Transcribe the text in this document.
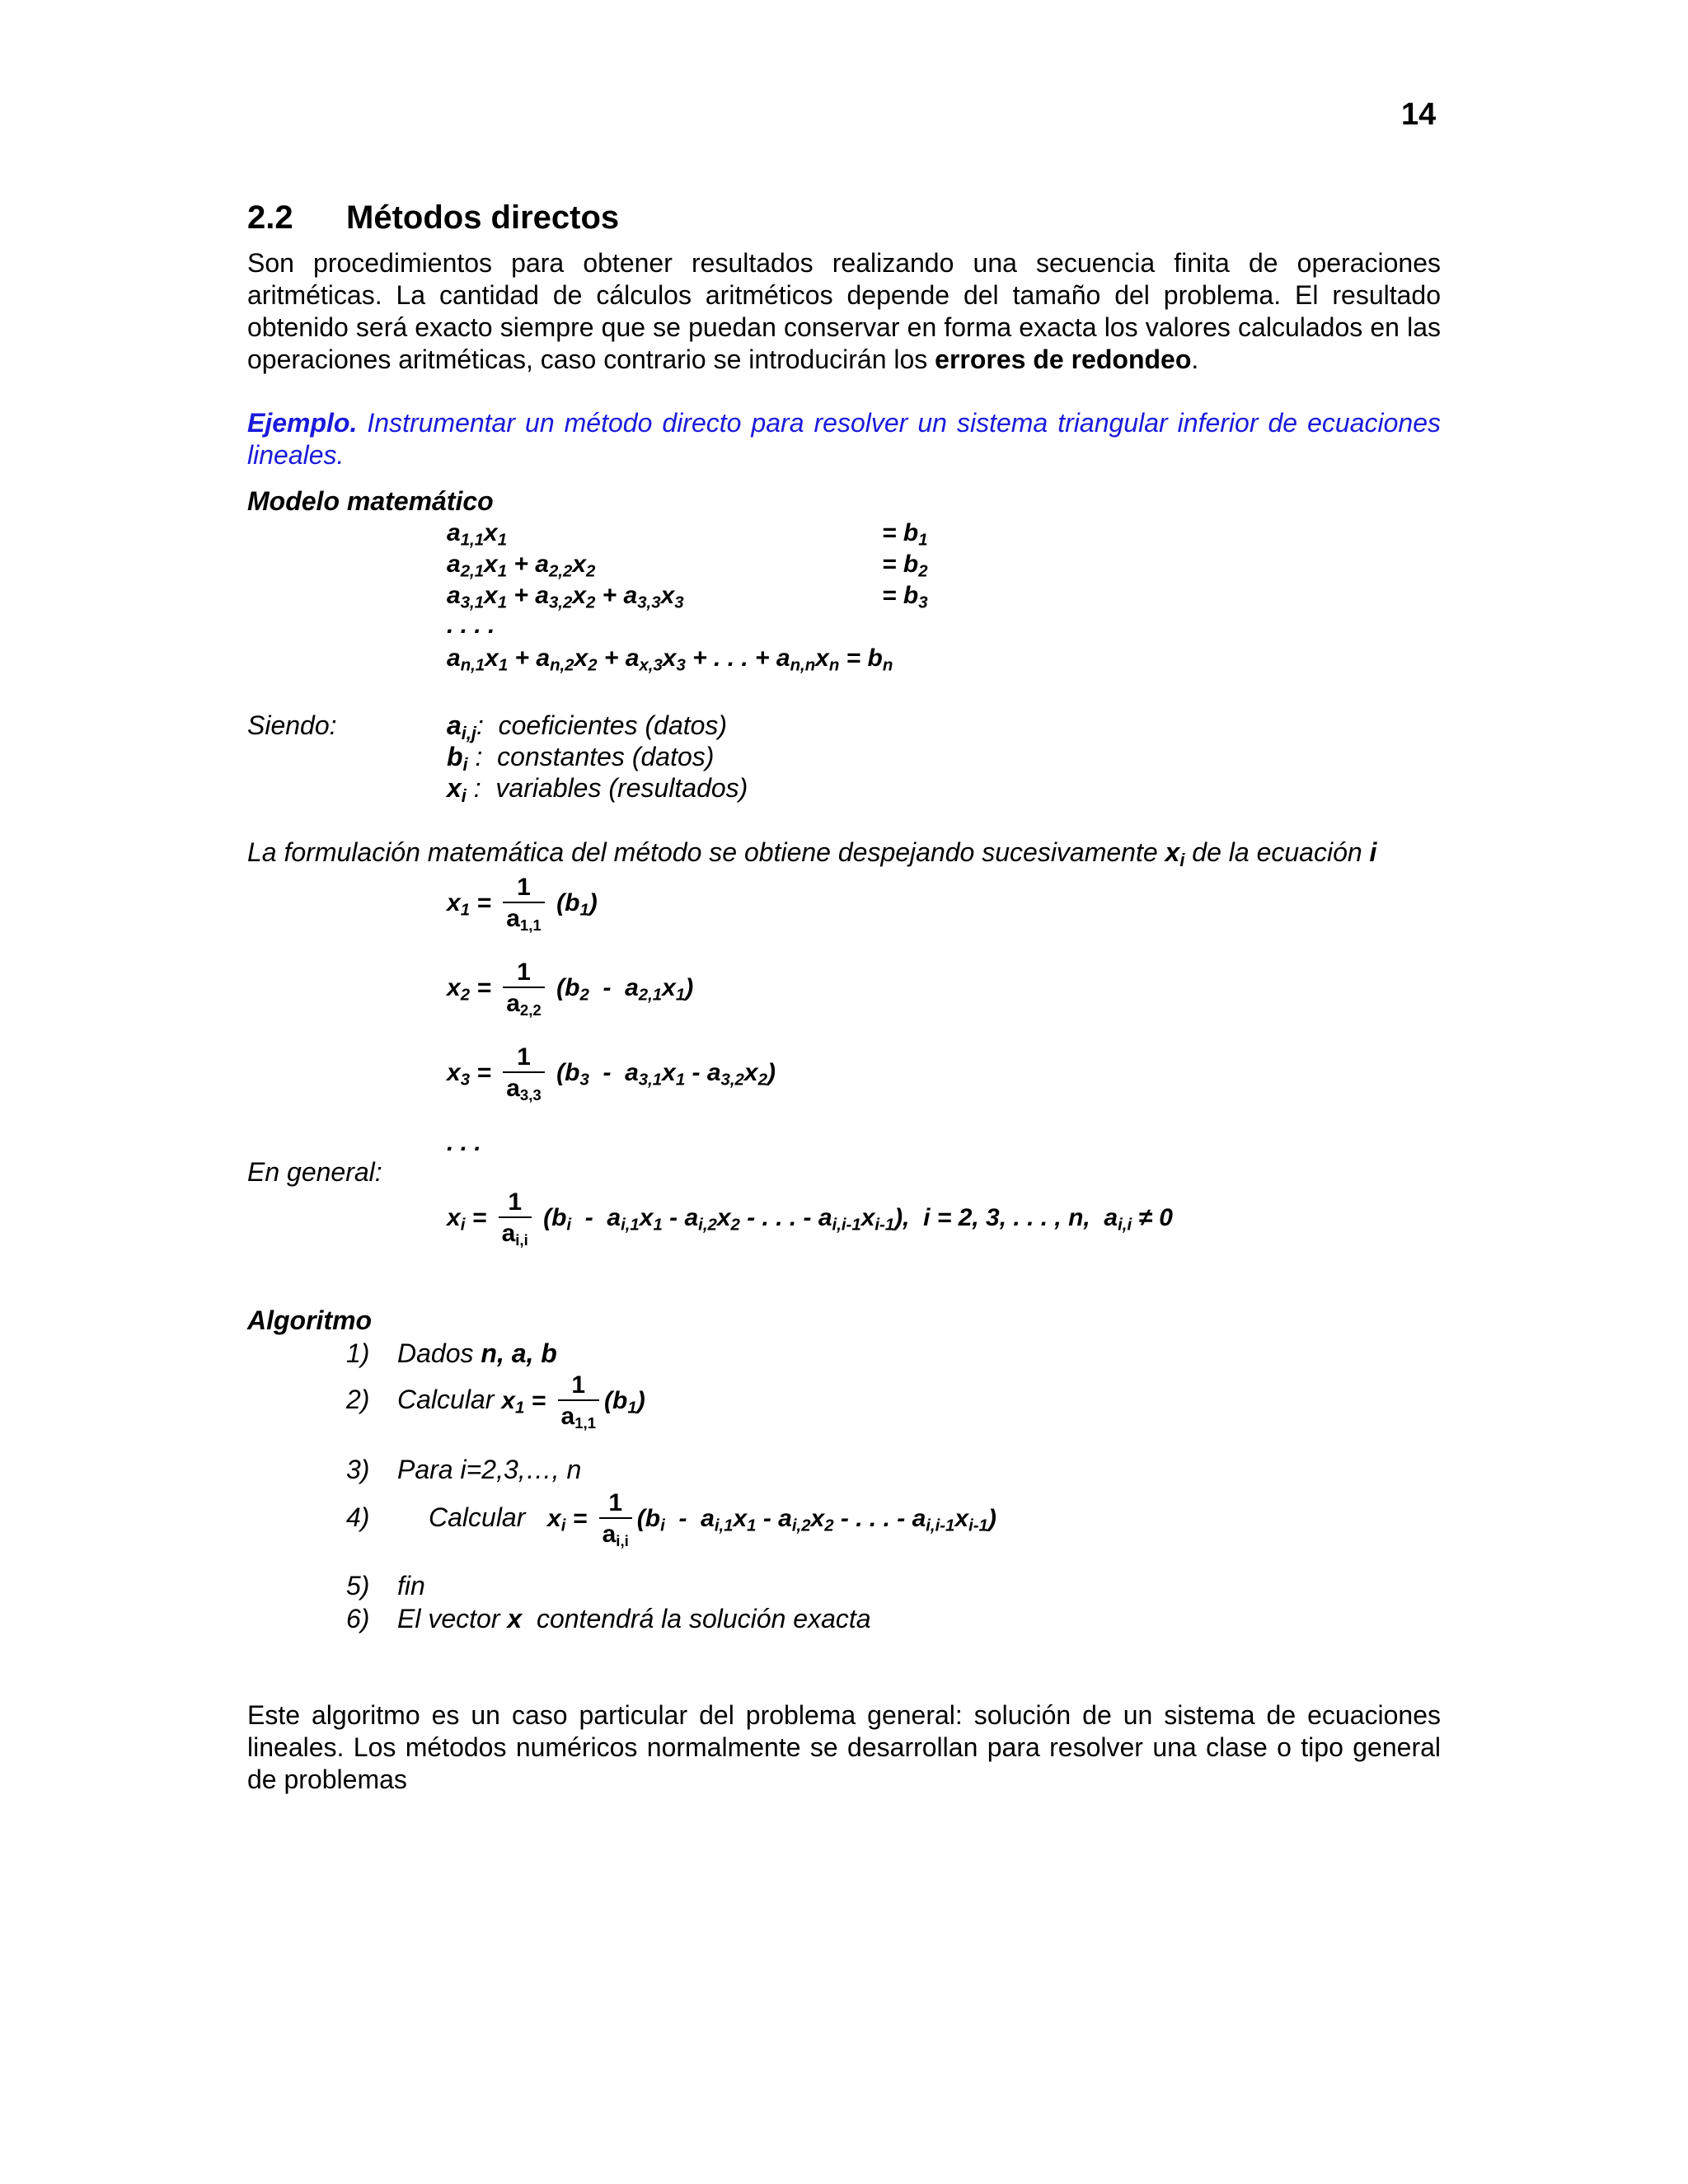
14
2.2 Métodos directos
Son procedimientos para obtener resultados realizando una secuencia finita de operaciones aritméticas. La cantidad de cálculos aritméticos depende del tamaño del problema. El resultado obtenido será exacto siempre que se puedan conservar en forma exacta los valores calculados en las operaciones aritméticas, caso contrario se introducirán los errores de redondeo.
Ejemplo. Instrumentar un método directo para resolver un sistema triangular inferior de ecuaciones lineales.
Modelo matemático
$a_{1,1}x_1$	= $b_1$
$a_{2,1}x_1 + a_{2,2}x_2$	= $b_2$
$a_{3,1}x_1 + a_{3,2}x_2 + a_{3,3}x_3$	= $b_3$
. . . .
$a_{n,1}x_1 + a_{n,2}x_2 + a_{x,3}x_3$ + . . . + $a_{n,n}x_n = b_n$
Siendo:	$a_{i,j}$:  coeficientes (datos)
$b_i$ :  constantes (datos)
$x_i$ :  variables (resultados)
La formulación matemática del método se obtiene despejando sucesivamente $x_i$ de la ecuación i
$x_1 = \frac{1}{a_{1,1}} (b_1)$
$x_2 = \frac{1}{a_{2,2}} (b_2 - a_{2,1}x_1)$
$x_3 = \frac{1}{a_{3,3}} (b_3 - a_{3,1}x_1 - a_{3,2}x_2)$
. . .
En general:
$x_i = \frac{1}{a_{i,i}} (b_i - a_{i,1}x_1 - a_{i,2}x_2$ - . . . - $a_{i,i-1}x_{i-1}$),  i = 2, 3, . . . , n,  $a_{i,i} \ne 0$
Algoritmo
1) Dados n, a, b
2) Calcular $x_1 = \frac{1}{a_{1,1}} (b_1)$
3) Para i=2,3,…, n
4) Calcular $x_i = \frac{1}{a_{i,i}} (b_i - a_{i,1}x_1 - a_{i,2}x_2$ - . . . - $a_{i,i-1}x_{i-1}$)
5) fin
6) El vector x  contendrá la solución exacta
Este algoritmo es un caso particular del problema general: solución de un sistema de ecuaciones lineales. Los métodos numéricos normalmente se desarrollan para resolver una clase o tipo general de problemas
